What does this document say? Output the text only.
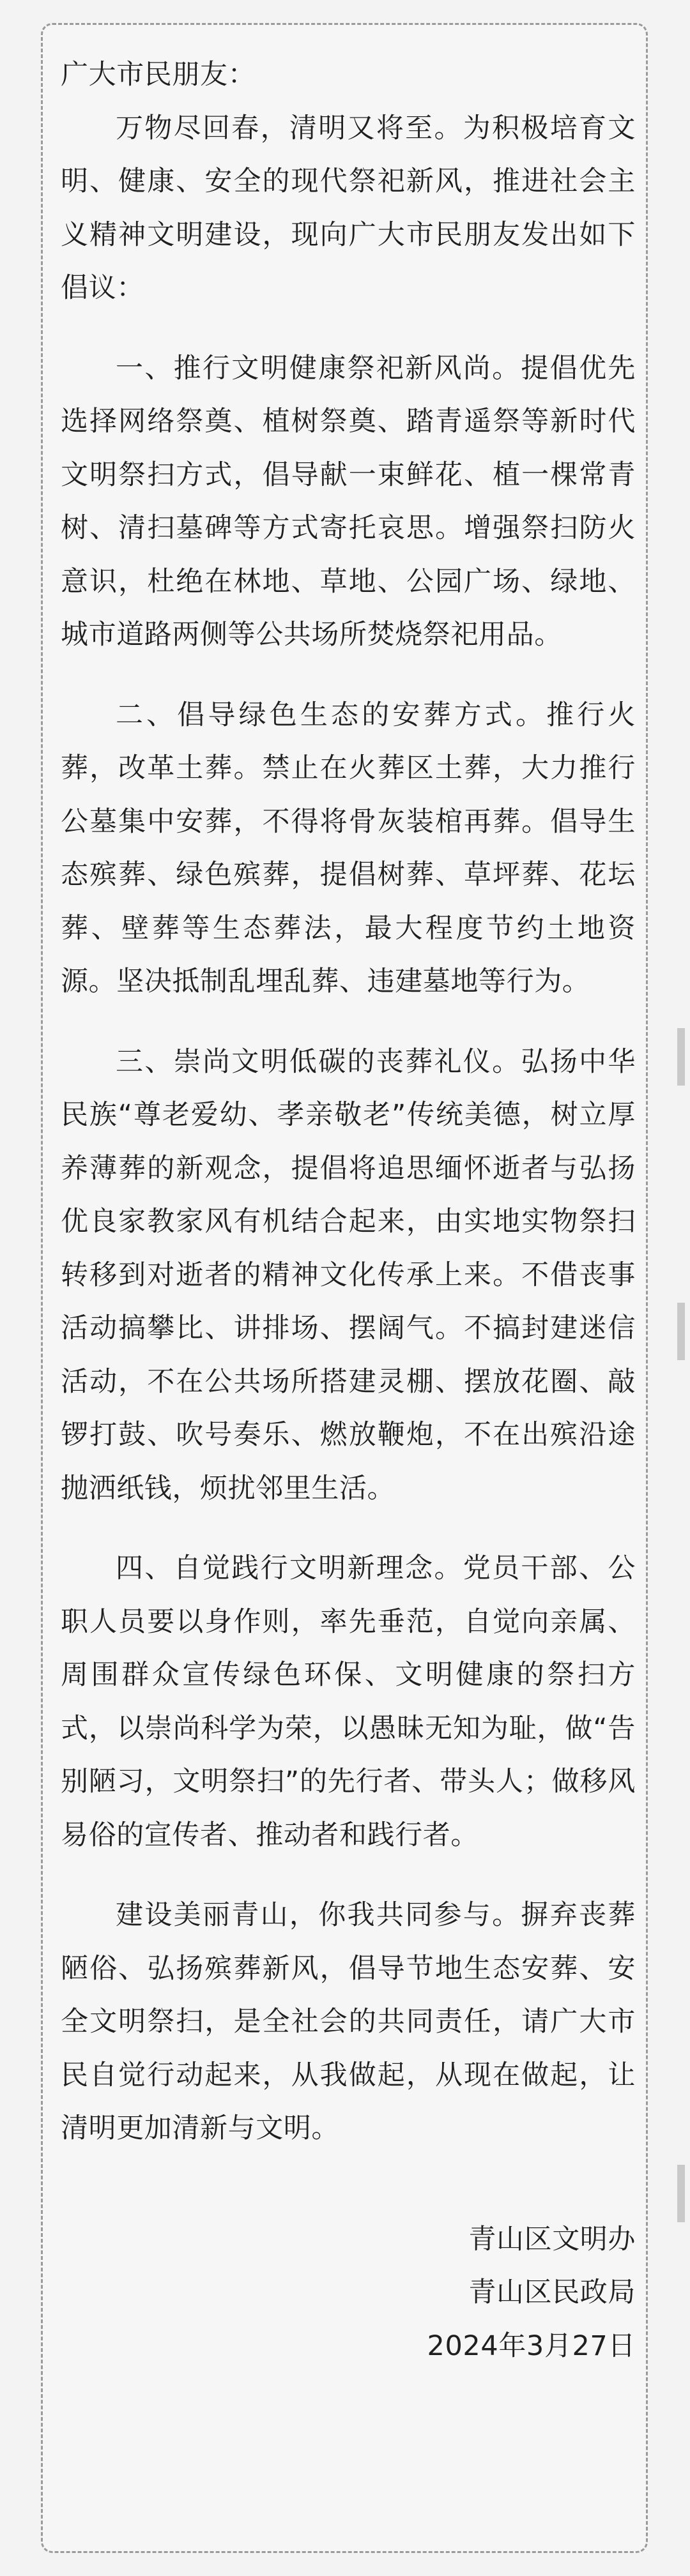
广大市民朋友：

万物尽回春，清明又将至。为积极培育文明、健康、安全的现代祭祀新风，推进社会主义精神文明建设，现向广大市民朋友发出如下倡议：

一、推行文明健康祭祀新风尚。提倡优先选择网络祭奠、植树祭奠、踏青遥祭等新时代文明祭扫方式，倡导献一束鲜花、植一棵常青树、清扫墓碑等方式寄托哀思。增强祭扫防火意识，杜绝在林地、草地、公园广场、绿地、城市道路两侧等公共场所焚烧祭祀用品。

二、倡导绿色生态的安葬方式。推行火葬，改革土葬。禁止在火葬区土葬，大力推行公墓集中安葬，不得将骨灰装棺再葬。倡导生态殡葬、绿色殡葬，提倡树葬、草坪葬、花坛葬、壁葬等生态葬法，最大程度节约土地资源。坚决抵制乱埋乱葬、违建墓地等行为。

三、崇尚文明低碳的丧葬礼仪。弘扬中华民族“尊老爱幼、孝亲敬老”传统美德，树立厚养薄葬的新观念，提倡将追思缅怀逝者与弘扬优良家教家风有机结合起来，由实地实物祭扫转移到对逝者的精神文化传承上来。不借丧事活动搞攀比、讲排场、摆阔气。不搞封建迷信活动，不在公共场所搭建灵棚、摆放花圈、敲锣打鼓、吹号奏乐、燃放鞭炮，不在出殡沿途抛洒纸钱，烦扰邻里生活。

四、自觉践行文明新理念。党员干部、公职人员要以身作则，率先垂范，自觉向亲属、周围群众宣传绿色环保、文明健康的祭扫方式，以崇尚科学为荣，以愚昧无知为耻，做“告别陋习，文明祭扫”的先行者、带头人；做移风易俗的宣传者、推动者和践行者。

建设美丽青山，你我共同参与。摒弃丧葬陋俗、弘扬殡葬新风，倡导节地生态安葬、安全文明祭扫，是全社会的共同责任，请广大市民自觉行动起来，从我做起，从现在做起，让清明更加清新与文明。

青山区文明办
青山区民政局
2024年3月27日
